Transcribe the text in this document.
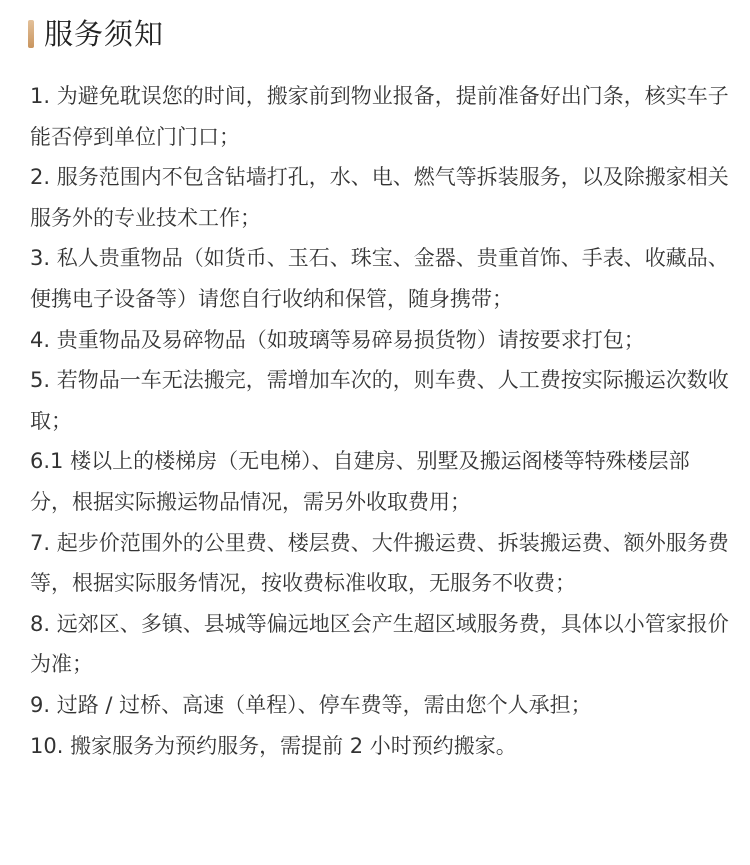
服务须知
1. 为避免耽误您的时间，搬家前到物业报备，提前准备好出门条，核实车子能否停到单位门门口；
2. 服务范围内不包含钻墙打孔，水、电、燃气等拆装服务，以及除搬家相关服务外的专业技术工作；
3. 私人贵重物品（如货币、玉石、珠宝、金器、贵重首饰、手表、收藏品、便携电子设备等）请您自行收纳和保管，随身携带；
4. 贵重物品及易碎物品（如玻璃等易碎易损货物）请按要求打包；
5. 若物品一车无法搬完，需增加车次的，则车费、人工费按实际搬运次数收取；
6.1 楼以上的楼梯房（无电梯）、自建房、别墅及搬运阁楼等特殊楼层部分，根据实际搬运物品情况，需另外收取费用；
7. 起步价范围外的公里费、楼层费、大件搬运费、拆装搬运费、额外服务费等，根据实际服务情况，按收费标准收取，无服务不收费；
8. 远郊区、多镇、县城等偏远地区会产生超区域服务费，具体以小管家报价为准；
9. 过路 / 过桥、高速（单程）、停车费等，需由您个人承担；
10. 搬家服务为预约服务，需提前 2 小时预约搬家。
